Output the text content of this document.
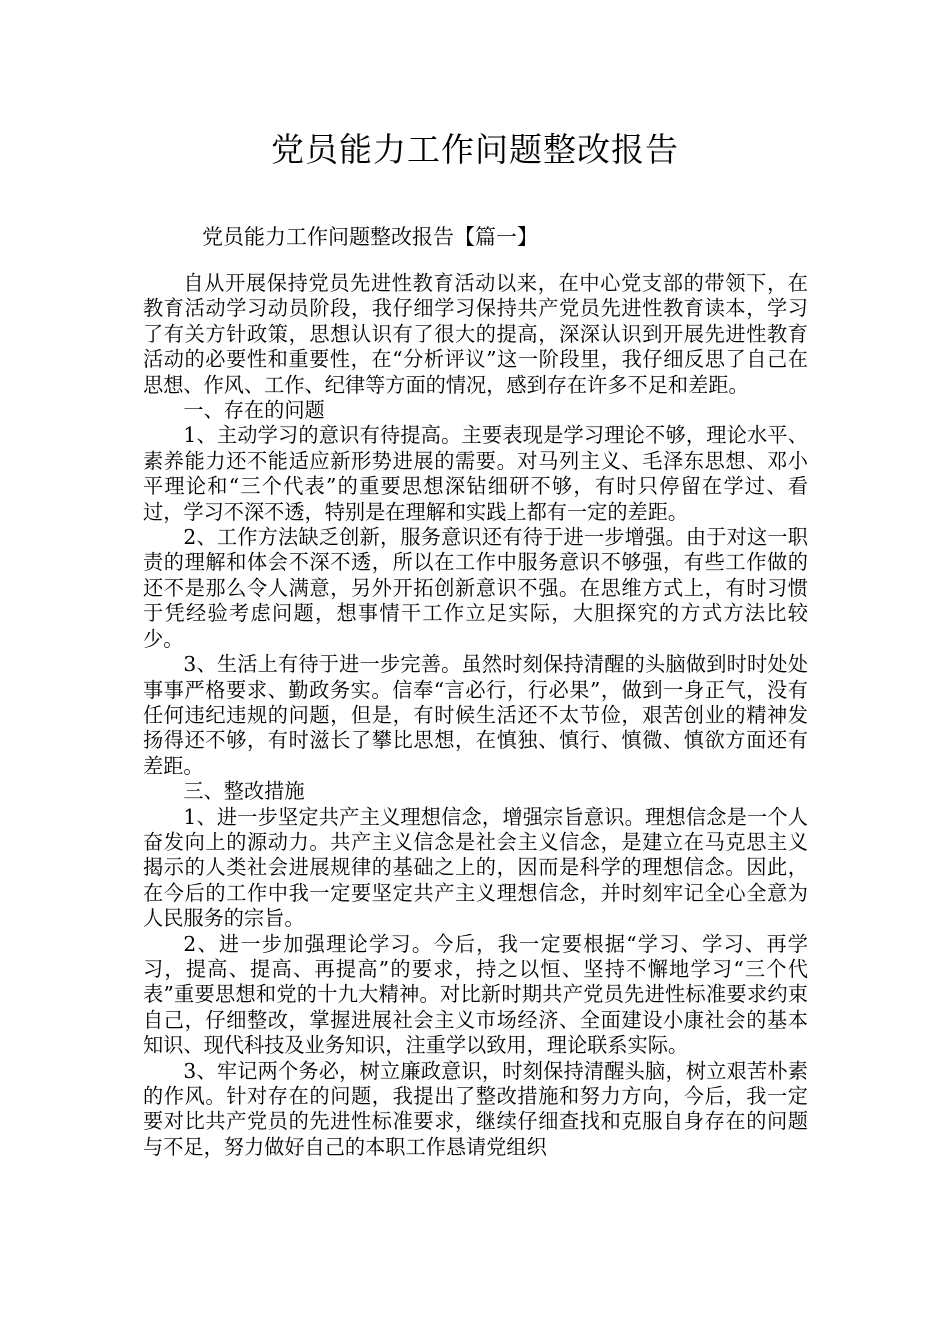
党员能力工作问题整改报告
党员能力工作问题整改报告【篇一】

自从开展保持党员先进性教育活动以来，在中心党支部的带领下，在教育活动学习动员阶段，我仔细学习保持共产党员先进性教育读本，学习了有关方针政策，思想认识有了很大的提高，深深认识到开展先进性教育活动的必要性和重要性，在“分析评议”这一阶段里，我仔细反思了自己在思想、作风、工作、纪律等方面的情况，感到存在许多不足和差距。

一、存在的问题

1、主动学习的意识有待提高。主要表现是学习理论不够，理论水平、素养能力还不能适应新形势进展的需要。对马列主义、毛泽东思想、邓小平理论和“三个代表”的重要思想深钻细研不够，有时只停留在学过、看过，学习不深不透，特别是在理解和实践上都有一定的差距。

2、工作方法缺乏创新，服务意识还有待于进一步增强。由于对这一职责的理解和体会不深不透，所以在工作中服务意识不够强，有些工作做的还不是那么令人满意，另外开拓创新意识不强。在思维方式上，有时习惯于凭经验考虑问题，想事情干工作立足实际，大胆探究的方式方法比较少。

3、生活上有待于进一步完善。虽然时刻保持清醒的头脑做到时时处处事事严格要求、勤政务实。信奉“言必行，行必果”，做到一身正气，没有任何违纪违规的问题，但是，有时候生活还不太节俭，艰苦创业的精神发扬得还不够，有时滋长了攀比思想，在慎独、慎行、慎微、慎欲方面还有差距。

三、整改措施

1、进一步坚定共产主义理想信念，增强宗旨意识。理想信念是一个人奋发向上的源动力。共产主义信念是社会主义信念，是建立在马克思主义揭示的人类社会进展规律的基础之上的，因而是科学的理想信念。因此，在今后的工作中我一定要坚定共产主义理想信念，并时刻牢记全心全意为人民服务的宗旨。

2、进一步加强理论学习。今后，我一定要根据“学习、学习、再学习，提高、提高、再提高”的要求，持之以恒、坚持不懈地学习“三个代表”重要思想和党的十九大精神。对比新时期共产党员先进性标准要求约束自己，仔细整改，掌握进展社会主义市场经济、全面建设小康社会的基本知识、现代科技及业务知识，注重学以致用，理论联系实际。

3、牢记两个务必，树立廉政意识，时刻保持清醒头脑，树立艰苦朴素的作风。针对存在的问题，我提出了整改措施和努力方向，今后，我一定要对比共产党员的先进性标准要求，继续仔细查找和克服自身存在的问题与不足，努力做好自己的本职工作恳请党组织
